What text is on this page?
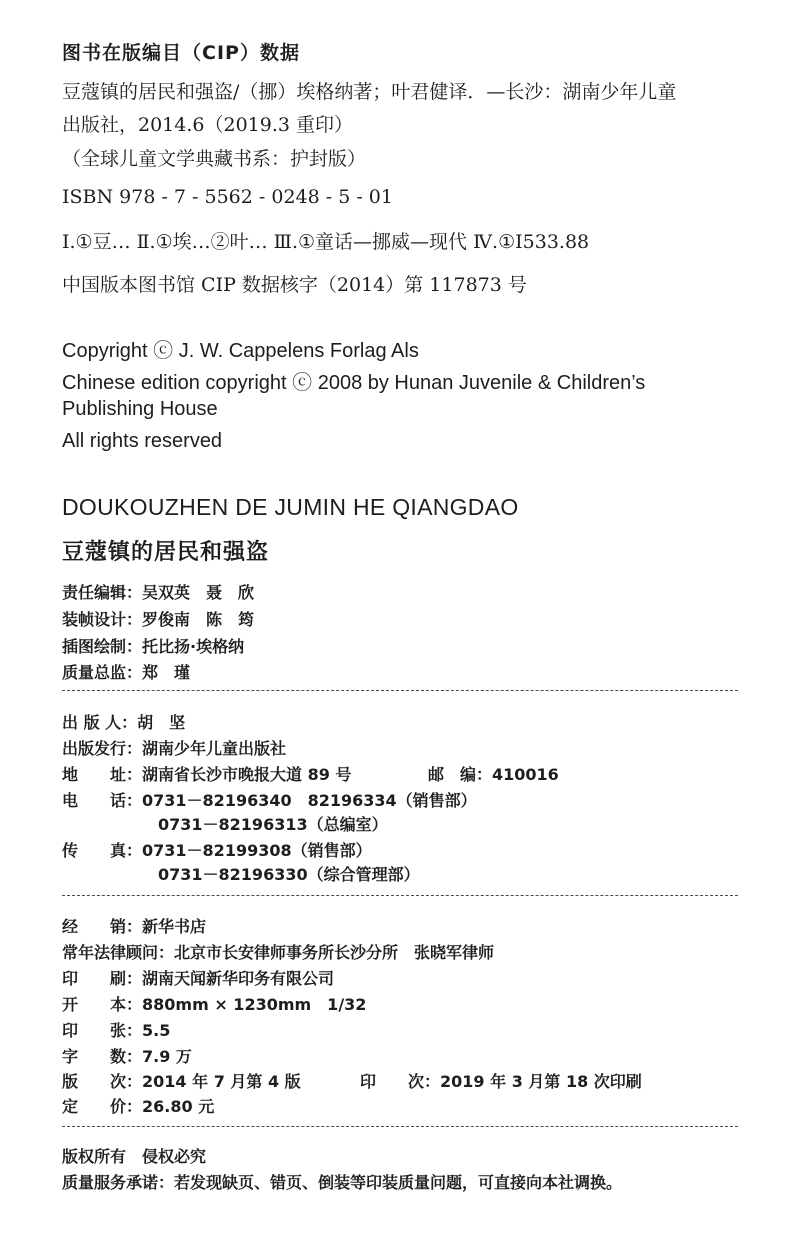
图书在版编目（CIP）数据
豆蔻镇的居民和强盗/（挪）埃格纳著；叶君健译．—长沙：湖南少年儿童
出版社，2014.6（2019.3 重印）
（全球儿童文学典藏书系：护封版）
ISBN 978 - 7 - 5562 - 0248 - 5 - 01
Ⅰ.①豆… Ⅱ.①埃…②叶… Ⅲ.①童话—挪威—现代 Ⅳ.①I533.88
中国版本图书馆 CIP 数据核字（2014）第 117873 号
Copyright ⓒ J. W. Cappelens Forlag Als
Chinese edition copyright ⓒ 2008 by Hunan Juvenile & Children’s
Publishing House
All rights reserved
DOUKOUZHEN DE JUMIN HE QIANGDAO
豆蔻镇的居民和强盗
责任编辑：吴双英　聂　欣
装帧设计：罗俊南　陈　筠
插图绘制：托比扬·埃格纳
质量总监：郑　瑾
出 版 人：胡　坚
出版发行：湖南少年儿童出版社
地　　址：湖南省长沙市晚报大道 89 号	邮　编：410016
电　　话：0731－82196340　82196334（销售部）
0731－82196313（总编室）
传　　真：0731－82199308（销售部）
0731－82196330（综合管理部）
经　　销：新华书店
常年法律顾问：北京市长安律师事务所长沙分所　张晓军律师
印　　刷：湖南天闻新华印务有限公司
开　　本：880mm × 1230mm　1/32
印　　张：5.5
字　　数：7.9 万
版　　次：2014 年 7 月第 4 版	印　　次：2019 年 3 月第 18 次印刷
定　　价：26.80 元
版权所有　侵权必究
质量服务承诺：若发现缺页、错页、倒装等印装质量问题，可直接向本社调换。
